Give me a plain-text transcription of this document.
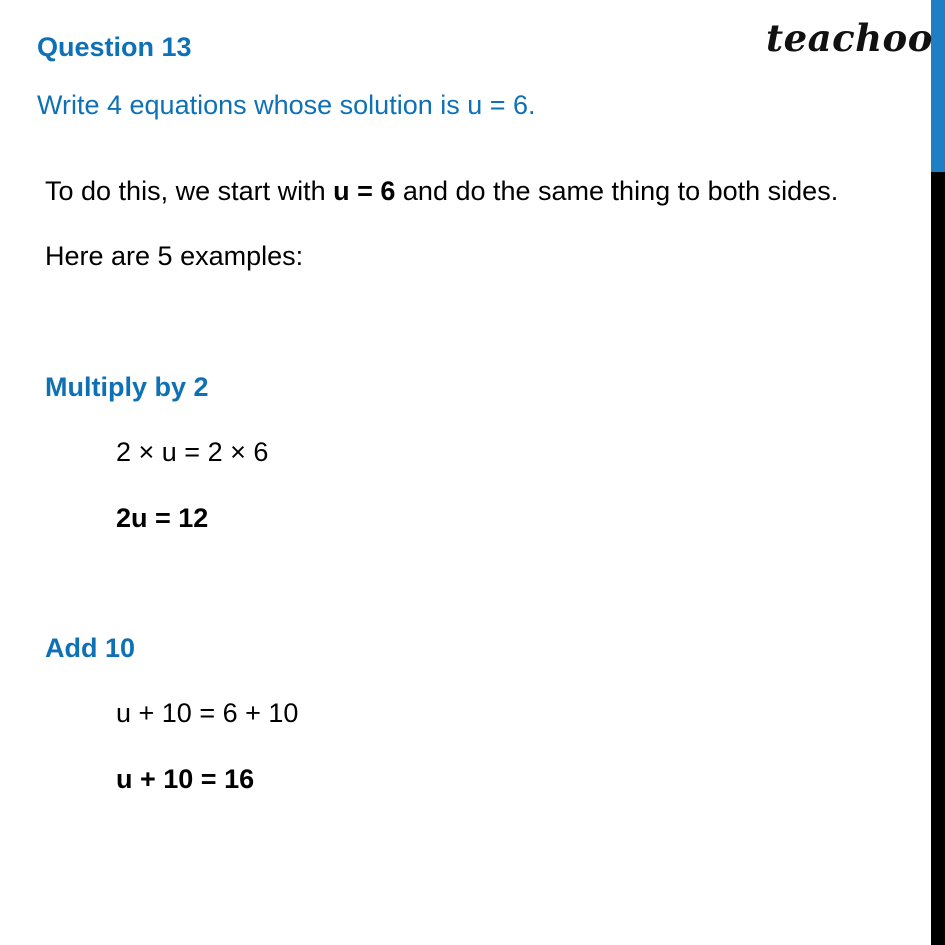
teachoo
Question 13
Write 4 equations whose solution is u = 6.
To do this, we start with u = 6 and do the same thing to both sides.
Here are 5 examples:
Multiply by 2
2 × u = 2 × 6
2u = 12
Add 10
u + 10 = 6 + 10
u + 10 = 16
